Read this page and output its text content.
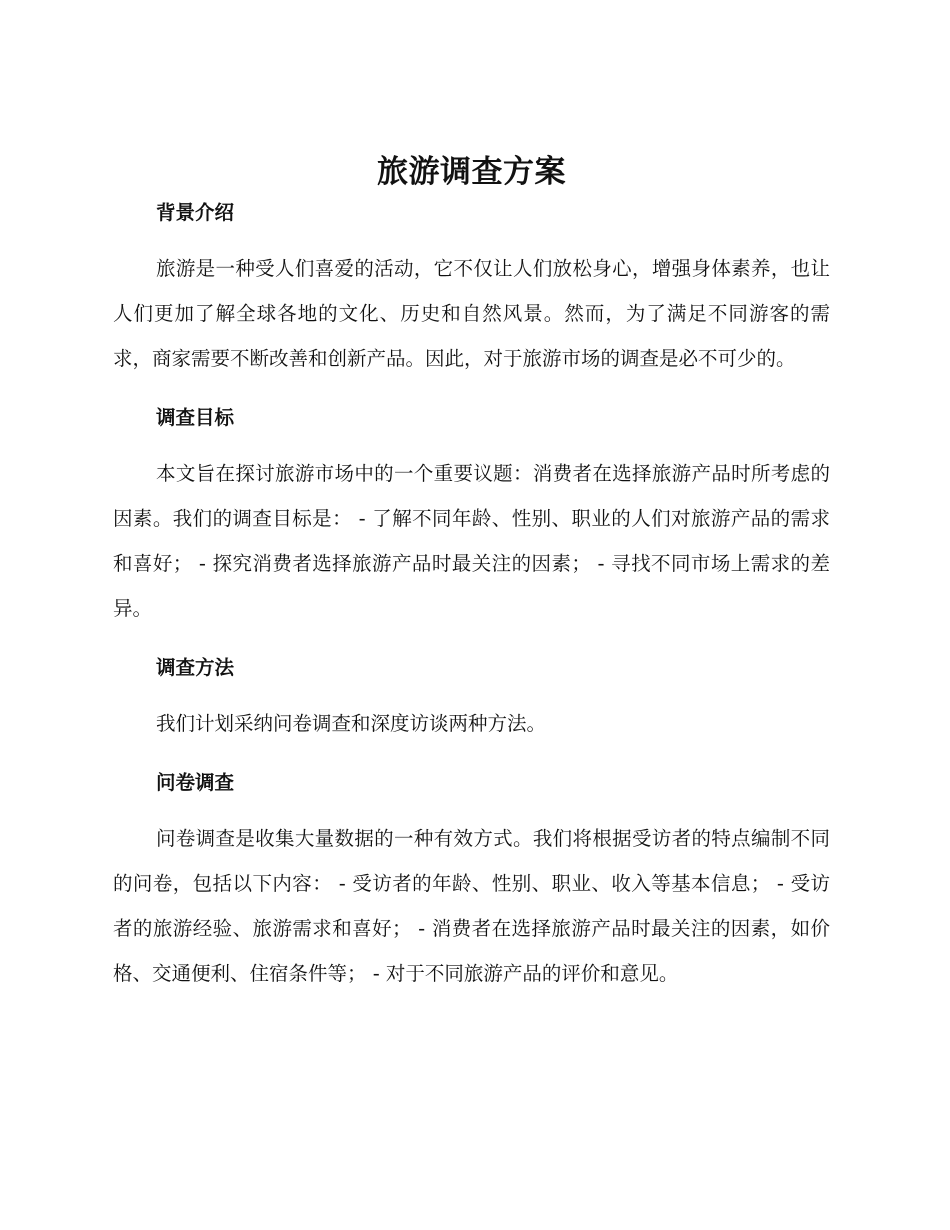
旅游调查方案
背景介绍

旅游是一种受人们喜爱的活动，它不仅让人们放松身心，增强身体素养，也让人们更加了解全球各地的文化、历史和自然风景。然而，为了满足不同游客的需求，商家需要不断改善和创新产品。因此，对于旅游市场的调查是必不可少的。

调查目标

本文旨在探讨旅游市场中的一个重要议题：消费者在选择旅游产品时所考虑的因素。我们的调查目标是： - 了解不同年龄、性别、职业的人们对旅游产品的需求和喜好； - 探究消费者选择旅游产品时最关注的因素； - 寻找不同市场上需求的差异。

调查方法

我们计划采纳问卷调查和深度访谈两种方法。

问卷调查

问卷调查是收集大量数据的一种有效方式。我们将根据受访者的特点编制不同的问卷，包括以下内容： - 受访者的年龄、性别、职业、收入等基本信息； - 受访者的旅游经验、旅游需求和喜好； - 消费者在选择旅游产品时最关注的因素，如价格、交通便利、住宿条件等； - 对于不同旅游产品的评价和意见。
